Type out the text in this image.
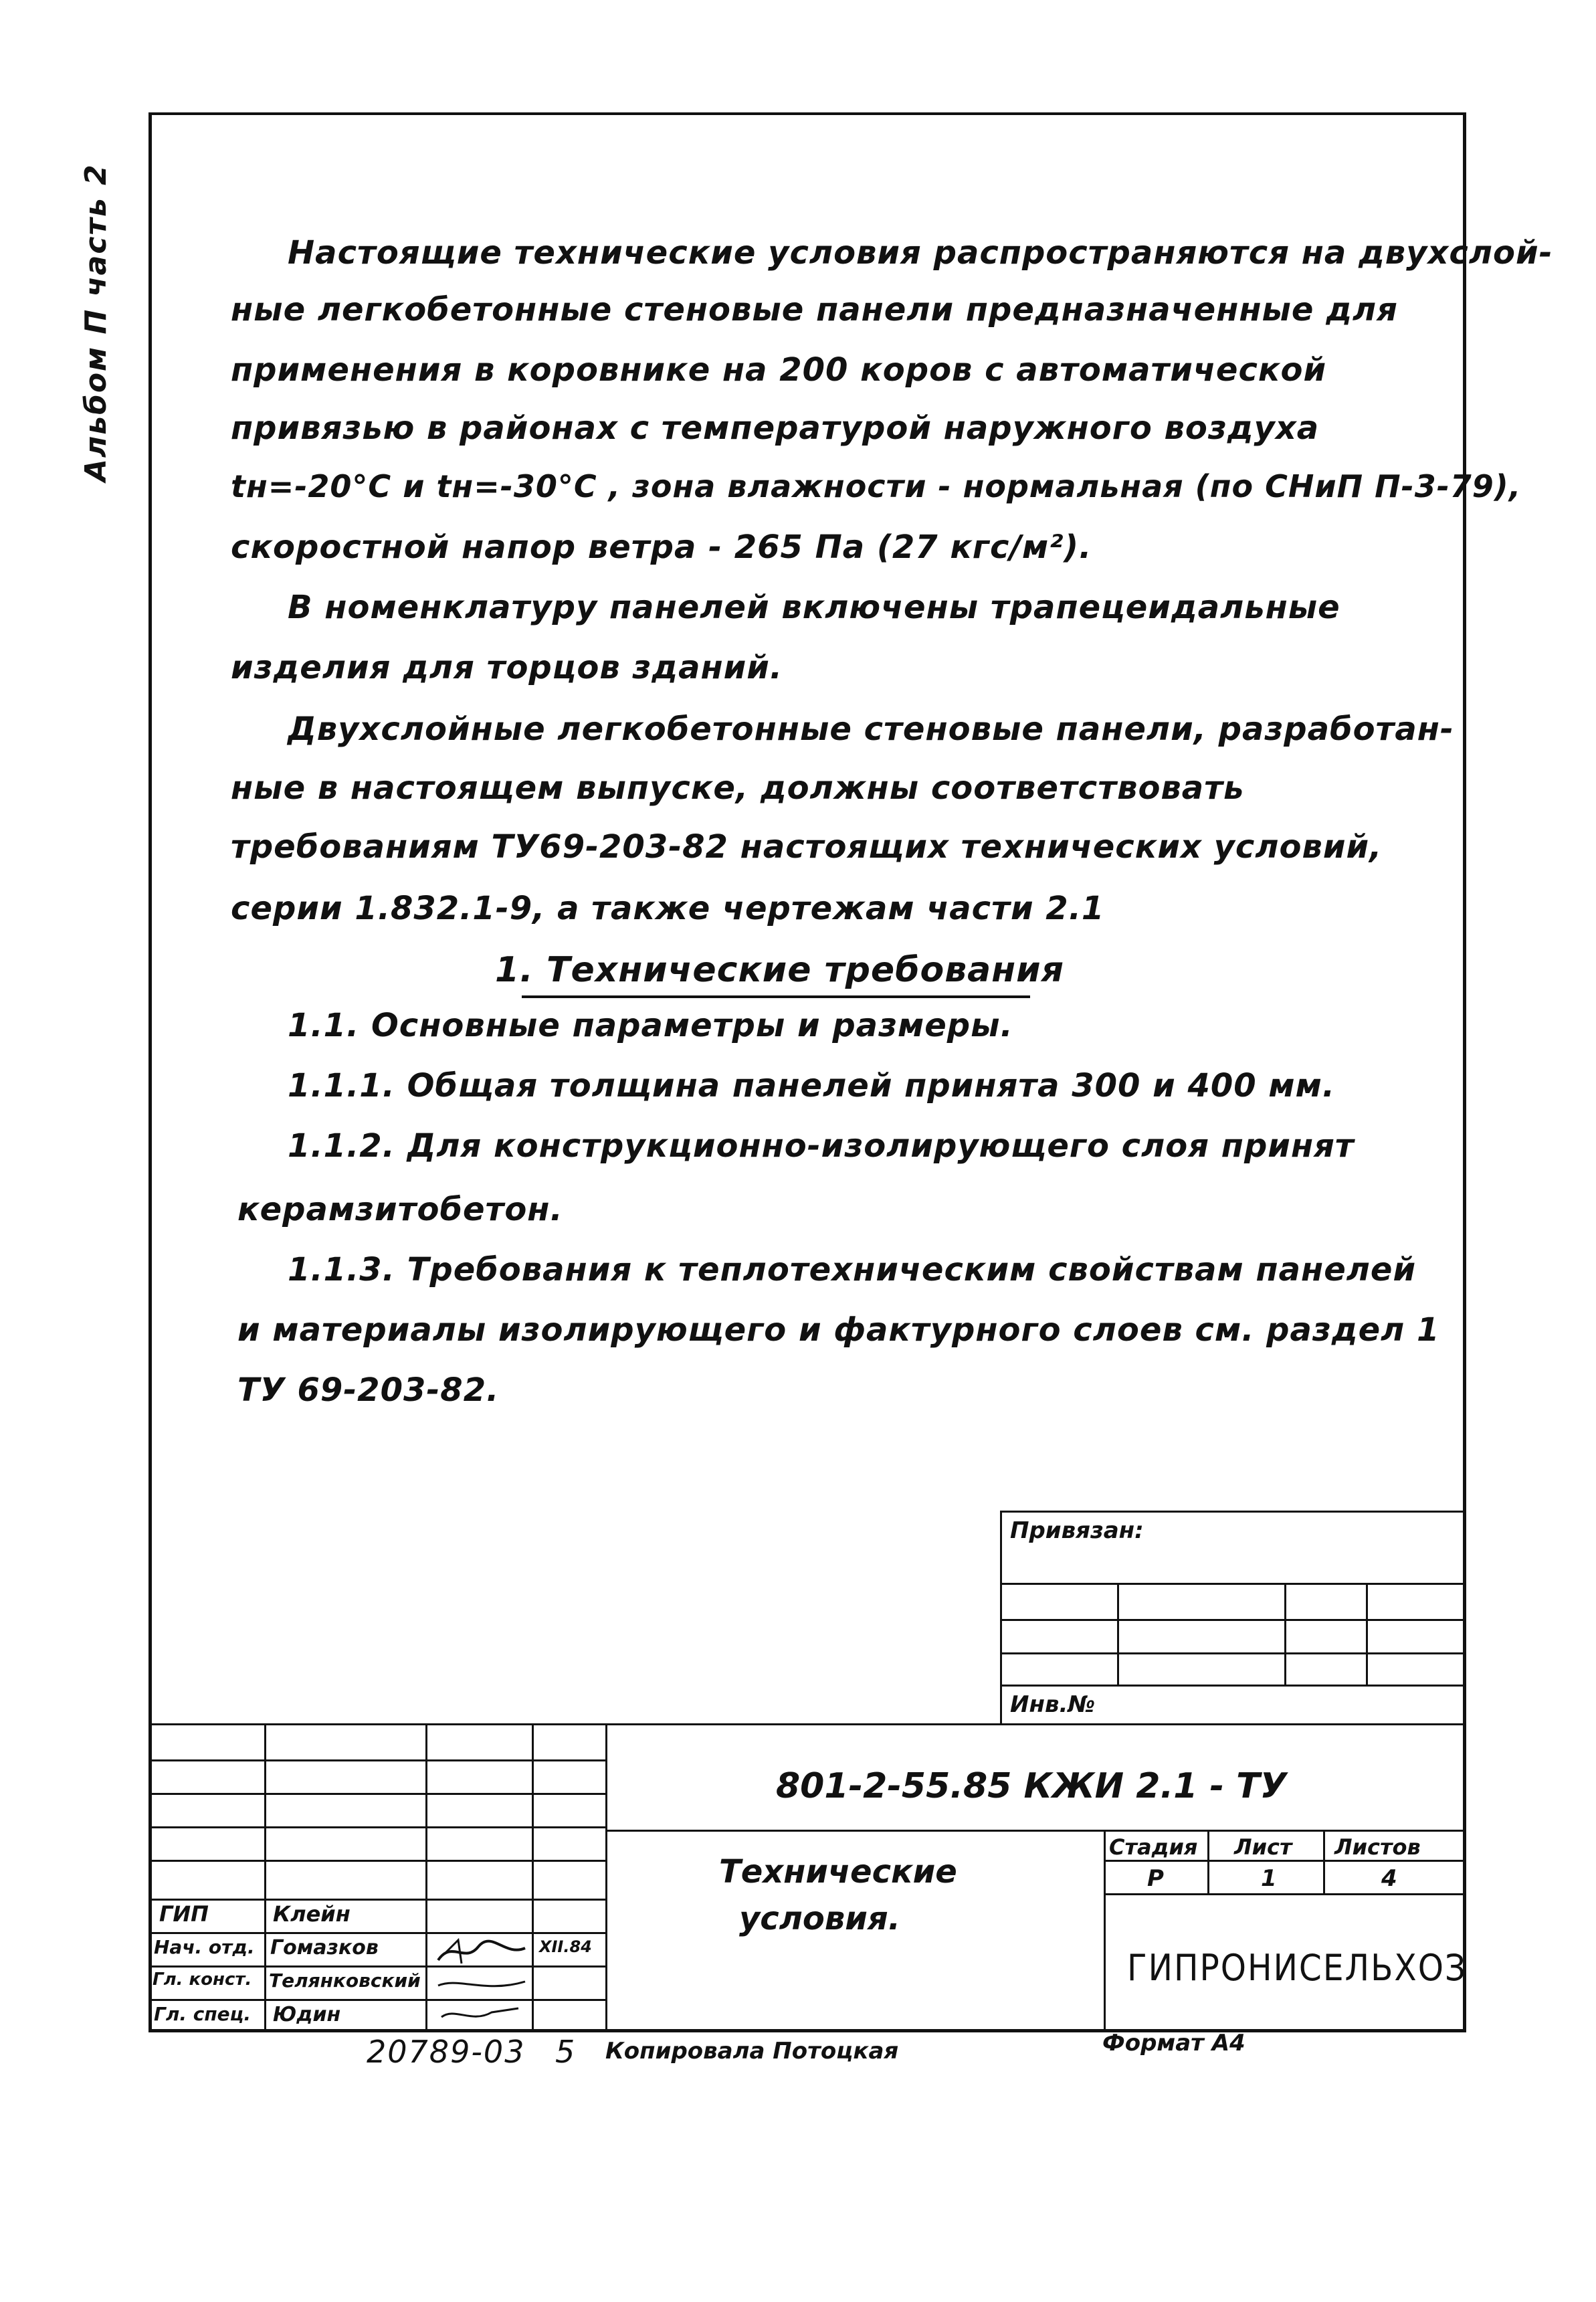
Альбом П часть 2	Настоящие технические условия распространяются на двухслой-
ные легкобетонные стеновые панели предназначенные для
применения в коровнике на 200 коров с автоматической
привязью в районах с температурой наружного воздуха
tн=-20°С и tн=-30°С , зона влажности - нормальная (по СНиП П-3-79),
скоростной напор ветра - 265 Па (27 кгс/м²).
В номенклатуру панелей включены трапецеидальные
изделия для торцов зданий.
Двухслойные легкобетонные стеновые панели, разработан-
ные в настоящем выпуске, должны соответствовать
требованиям ТУ69-203-82 настоящих технических условий,
серии 1.832.1-9, а также чертежам части 2.1
1. Технические требования
1.1. Основные параметры и размеры.
1.1.1. Общая толщина панелей принята 300 и 400 мм.
1.1.2. Для конструкционно-изолирующего слоя принят
керамзитобетон.
1.1.3. Требования к теплотехническим свойствам панелей
и материалы изолирующего и фактурного слоев см. раздел 1
ТУ 69-203-82.
Привязан:
Инв.№
ГИП	Клейн
Нач. отд. Гомазков	XII.84
Гл. конст. Телянковский
Гл. спец. Юдин
801-2-55.85 КЖИ 2.1 - ТУ
Технические
условия.
Стадия Лист Листов
Р	1	4
ГИПРОНИСЕЛЬХОЗ
20789-03 5 Копировала Потоцкая	Формат А4
